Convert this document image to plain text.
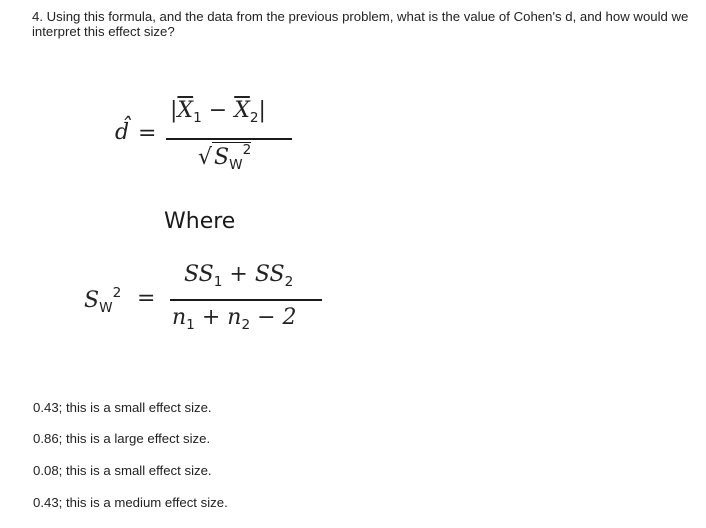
4. Using this formula, and the data from the previous problem, what is the value of Cohen's d, and how would we interpret this effect size?
d̂ =
$|\overline{X}_1 - \overline{X}_2|$
$√S_W^2$
Where
$S_W^2$ =
$SS_1 + SS_2$
$n_1 + n_2 - 2$
0.43; this is a small effect size.
0.86; this is a large effect size.
0.08; this is a small effect size.
0.43; this is a medium effect size.
